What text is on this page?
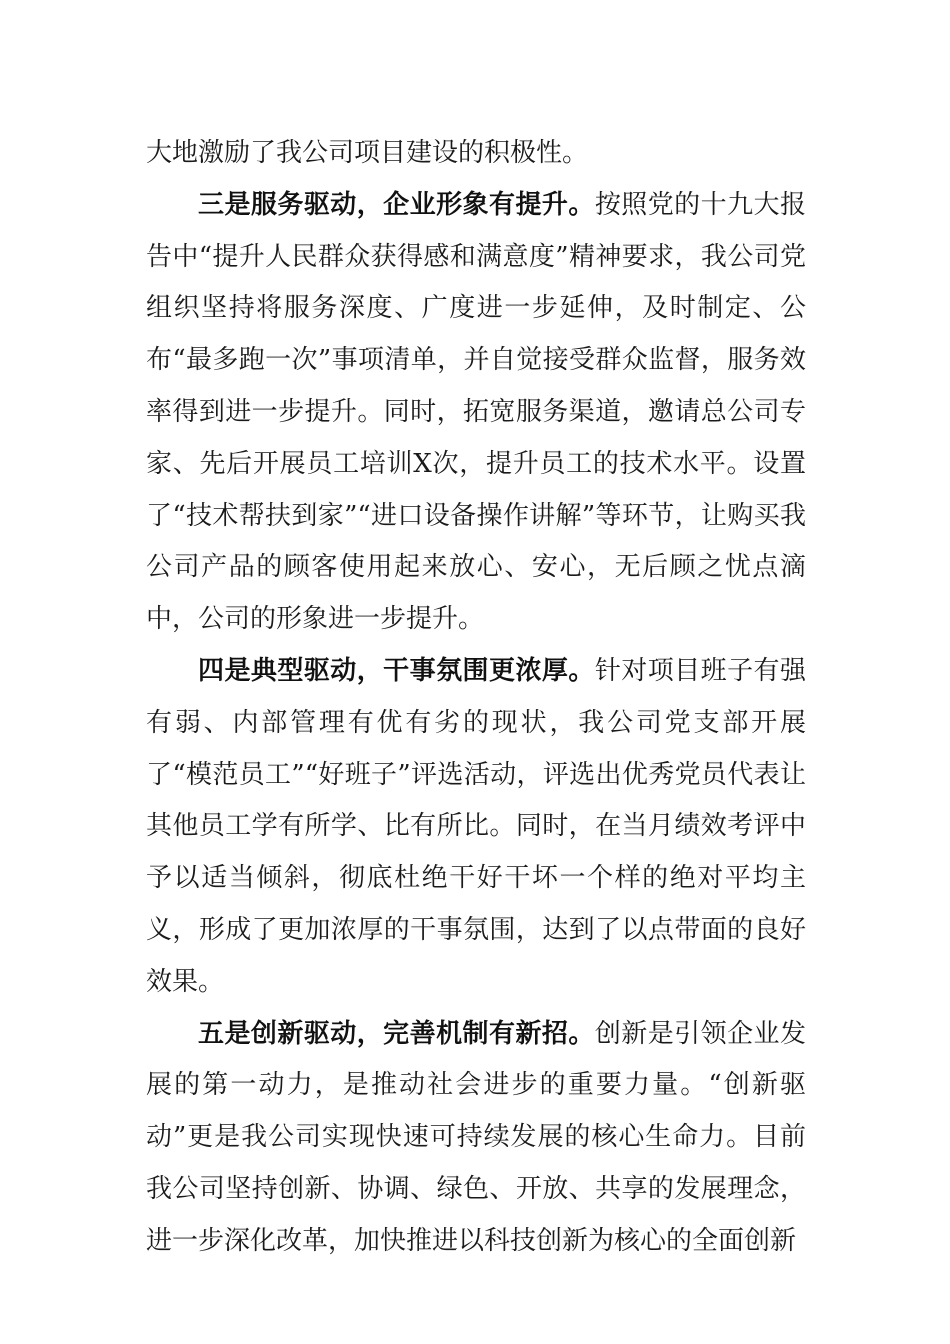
大地激励了我公司项目建设的积极性。

三是服务驱动，企业形象有提升。按照党的十九大报告中“提升人民群众获得感和满意度”精神要求，我公司党组织坚持将服务深度、广度进一步延伸，及时制定、公布“最多跑一次”事项清单，并自觉接受群众监督，服务效率得到进一步提升。同时，拓宽服务渠道，邀请总公司专家、先后开展员工培训X次，提升员工的技术水平。设置了“技术帮扶到家”“进口设备操作讲解”等环节，让购买我公司产品的顾客使用起来放心、安心，无后顾之忧点滴中，公司的形象进一步提升。

四是典型驱动，干事氛围更浓厚。针对项目班子有强有弱、内部管理有优有劣的现状，我公司党支部开展了“模范员工”“好班子”评选活动，评选出优秀党员代表让其他员工学有所学、比有所比。同时，在当月绩效考评中予以适当倾斜，彻底杜绝干好干坏一个样的绝对平均主义，形成了更加浓厚的干事氛围，达到了以点带面的良好效果。

五是创新驱动，完善机制有新招。创新是引领企业发展的第一动力，是推动社会进步的重要力量。“创新驱动”更是我公司实现快速可持续发展的核心生命力。目前我公司坚持创新、协调、绿色、开放、共享的发展理念，进一步深化改革，加快推进以科技创新为核心的全面创新
